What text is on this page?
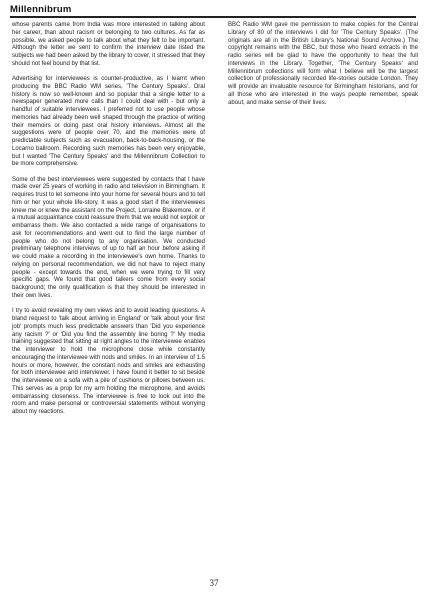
Millennibrum

whose parents came from India was more interested in talking about her career, than about racism or belonging to two cultures. As far as possible, we asked people to talk about what they felt to be important. Although the letter we sent to confirm the interview date listed the subjects we had been asked by the library to cover, it stressed that they should not feel bound by that list.

Advertising for interviewees is counter-productive, as I learnt when producing the BBC Radio WM series, 'The Century Speaks'. Oral history is now so well-known and so popular that a single letter to a newspaper generated more calls than I could deal with - but only a handful of suitable interviewees. I preferred not to use people whose memories had already been well shaped through the practice of writing their memoirs or doing past oral history interviews. Almost all the suggestions were of people over 70, and the memories were of predictable subjects such as evacuation, back-to-back-housing, or the Locarno ballroom. Recording such memories has been very enjoyable, but I wanted 'The Century Speaks' and the Millennibrum Collection to be more comprehensive.

Some of the best interviewees were suggested by contacts that I have made over 25 years of working in radio and television in Birmingham. It requires trust to let someone into your home for several hours and to tell him or her your whole life-story. It was a good start if the interviewees knew me or knew the assistant on the Project, Lorraine Blakemore, or if a mutual acquaintance could reassure them that we would not exploit or embarrass them. We also contacted a wide range of organisations to ask for recommendations and went out to find the large number of people who do not belong to any organisation. We conducted preliminary telephone interviews of up to half an hour before asking if we could make a recording in the interviewee's own home. Thanks to relying on personal recommendation, we did not have to reject many people - except towards the end, when we were trying to fill very specific gaps. We found that good talkers come from every social background; the only qualification is that they should be interested in their own lives.

I try to avoid revealing my own views and to avoid leading questions. A bland request to 'talk about arriving in England' or 'talk about your first job' prompts much less predictable answers than 'Did you experience any racism ?' or 'Did you find the assembly line boring ?' My media training suggested that sitting at right angles to the interviewee enables the interviewer to hold the microphone close while constantly encouraging the interviewee with nods and smiles. In an interview of 1.5 hours or more, however, the constant nods and smiles are exhausting for both interviewee and interviewer. I have found it better to sit beside the interviewee on a sofa with a pile of cushions or pillows between us. This serves as a prop for my arm holding the microphone, and avoids embarrassing closeness. The interviewee is free to look out into the room and make personal or controversial statements without worrying about my reactions.

BBC Radio WM gave me permission to make copies for the Central Library of 80 of the interviews I did for 'The Century Speaks'. (The originals are all in the British Library's National Sound Archive.) The copyright remains with the BBC, but those who heard extracts in the radio series will be glad to have the opportunity to hear the full interviews in the Library. Together, 'The Century Speaks' and Millennibrum collections will form what I believe will be the largest collection of professionally recorded life-stories outside London. They will provide an invaluable resource for Birmingham historians, and for all those who are interested in the ways people remember, speak about, and make sense of their lives.

37
